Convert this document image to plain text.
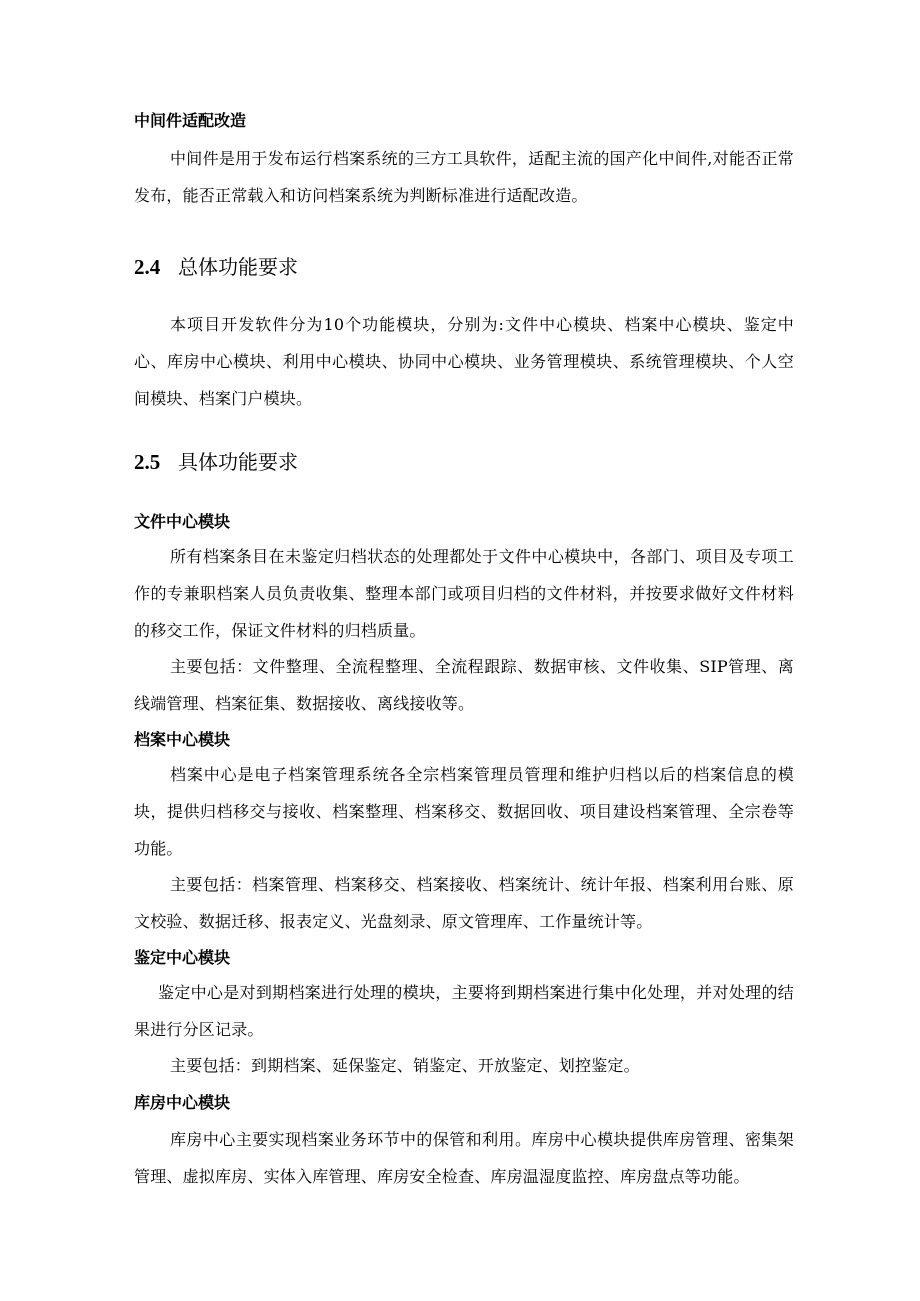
中间件适配改造

中间件是用于发布运行档案系统的三方工具软件，适配主流的国产化中间件,对能否正常发布，能否正常载入和访问档案系统为判断标准进行适配改造。

2.4 总体功能要求

本项目开发软件分为10个功能模块，分别为:文件中心模块、档案中心模块、鉴定中心、库房中心模块、利用中心模块、协同中心模块、业务管理模块、系统管理模块、个人空间模块、档案门户模块。

2.5 具体功能要求
文件中心模块

所有档案条目在未鉴定归档状态的处理都处于文件中心模块中，各部门、项目及专项工作的专兼职档案人员负责收集、整理本部门或项目归档的文件材料，并按要求做好文件材料的移交工作，保证文件材料的归档质量。

主要包括：文件整理、全流程整理、全流程跟踪、数据审核、文件收集、SIP管理、离线端管理、档案征集、数据接收、离线接收等。

档案中心模块

档案中心是电子档案管理系统各全宗档案管理员管理和维护归档以后的档案信息的模块，提供归档移交与接收、档案整理、档案移交、数据回收、项目建设档案管理、全宗卷等功能。

主要包括：档案管理、档案移交、档案接收、档案统计、统计年报、档案利用台账、原文校验、数据迁移、报表定义、光盘刻录、原文管理库、工作量统计等。

鉴定中心模块

鉴定中心是对到期档案进行处理的模块，主要将到期档案进行集中化处理，并对处理的结果进行分区记录。

主要包括：到期档案、延保鉴定、销鉴定、开放鉴定、划控鉴定。

库房中心模块

库房中心主要实现档案业务环节中的保管和利用。库房中心模块提供库房管理、密集架管理、虚拟库房、实体入库管理、库房安全检查、库房温湿度监控、库房盘点等功能。
